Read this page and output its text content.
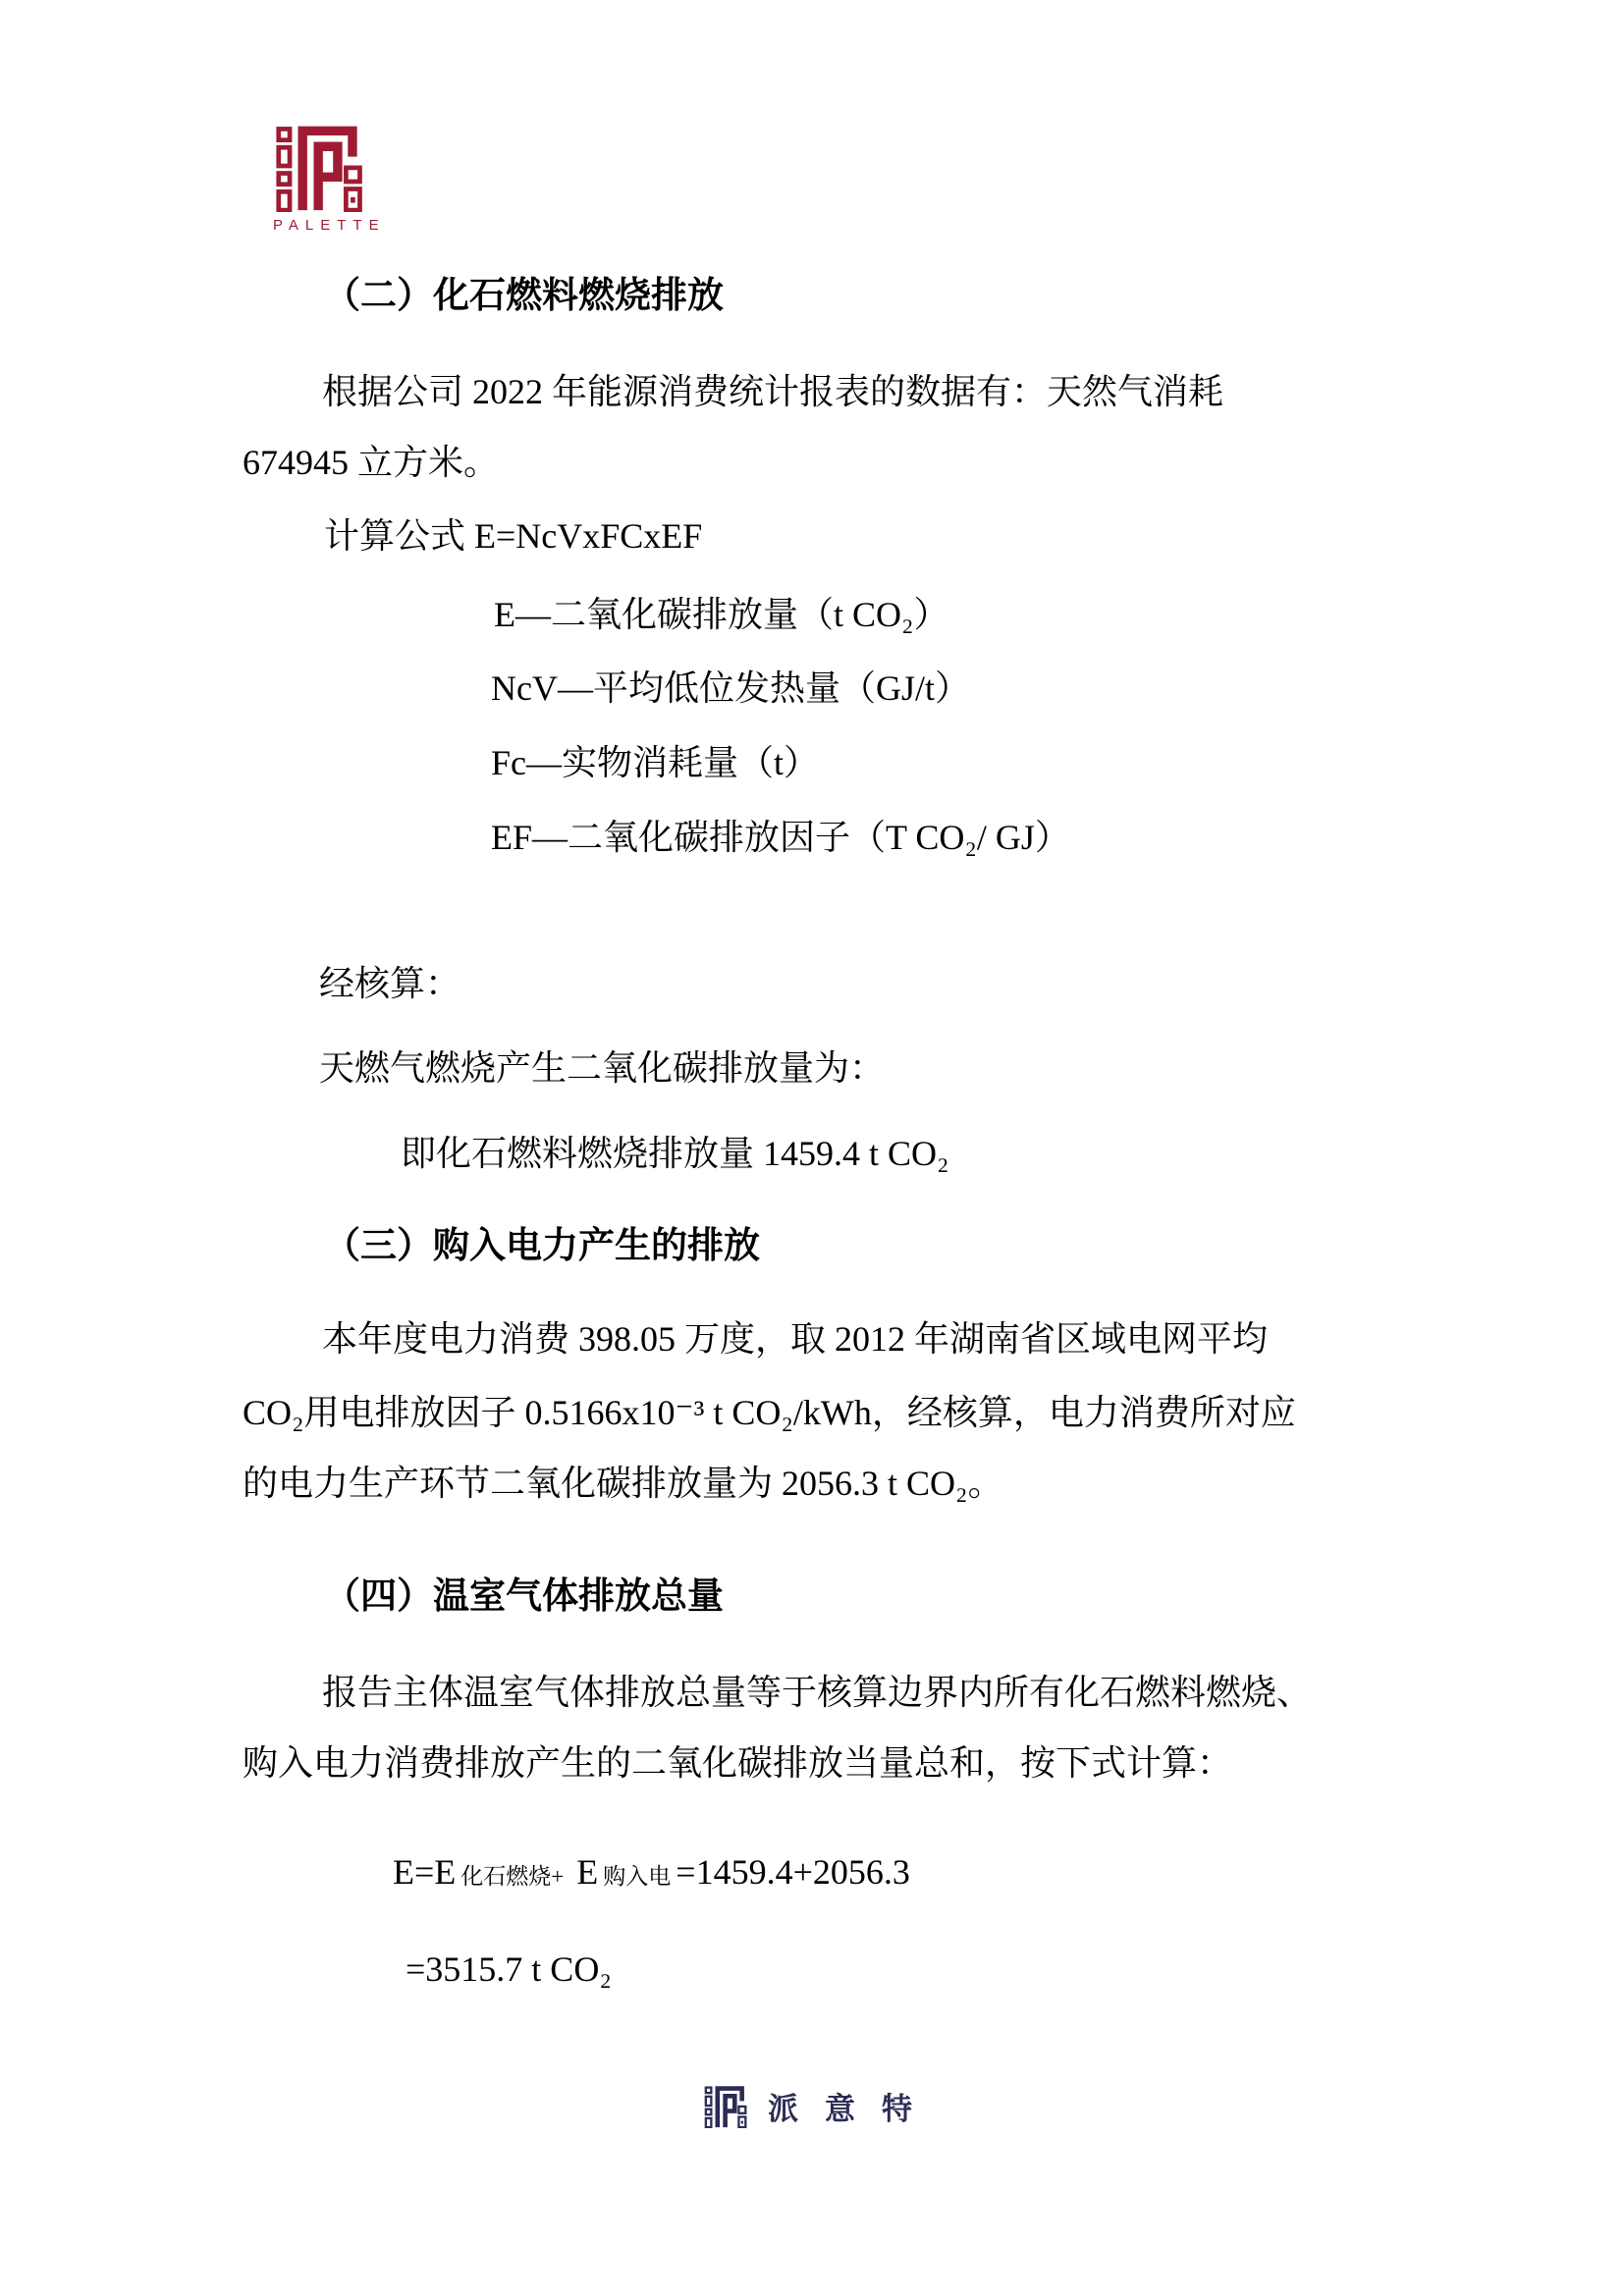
PALETTE
（二）化石燃料燃烧排放
根据公司 2022 年能源消费统计报表的数据有：天然气消耗
674945 立方米。
计算公式 E=NcVxFCxEF
E—二氧化碳排放量（t CO₂）
NcV—平均低位发热量（GJ/t）
Fc—实物消耗量（t）
EF—二氧化碳排放因子（T CO₂/ GJ）
经核算：
天燃气燃烧产生二氧化碳排放量为：
即化石燃料燃烧排放量 1459.4 t CO₂
（三）购入电力产生的排放
本年度电力消费 398.05 万度，取 2012 年湖南省区域电网平均
CO₂用电排放因子 0.5166x10⁻³ t CO₂/kWh，经核算，电力消费所对应
的电力生产环节二氧化碳排放量为 2056.3 t CO₂。
（四）温室气体排放总量
报告主体温室气体排放总量等于核算边界内所有化石燃料燃烧、
购入电力消费排放产生的二氧化碳排放当量总和，按下式计算：
E=E 化石燃烧+ E 购入电 =1459.4+2056.3
=3515.7 t CO₂
派意特
